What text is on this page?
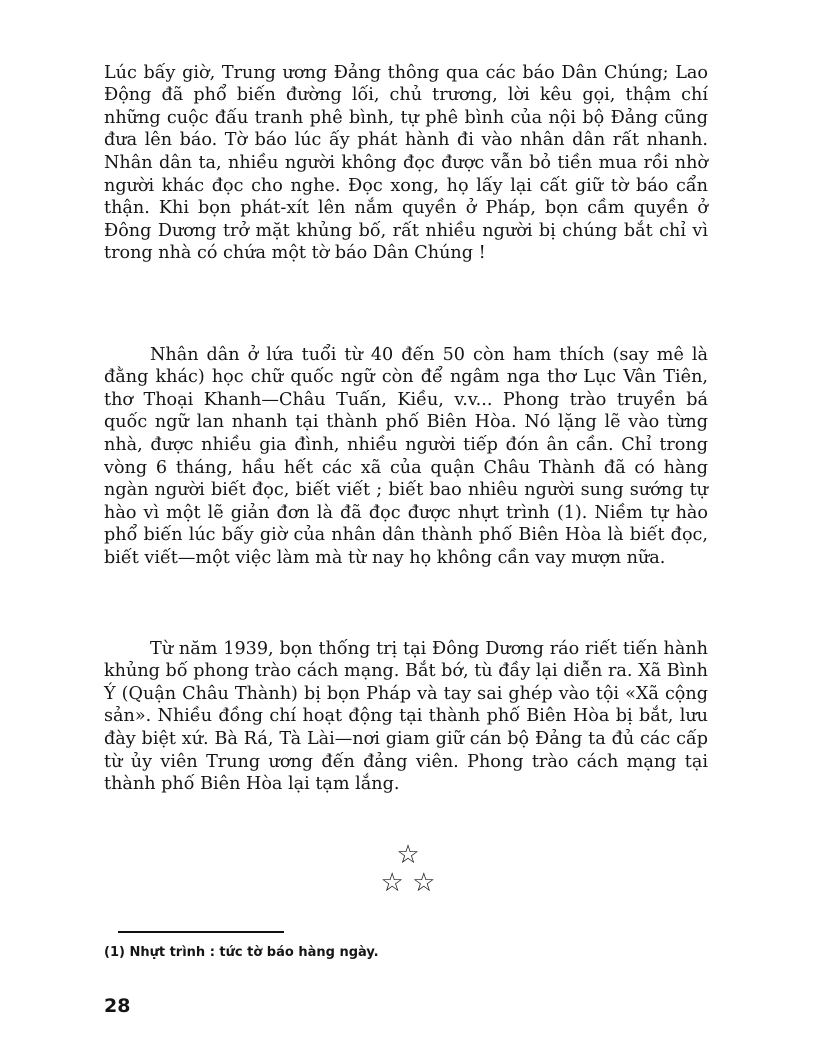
Lúc bấy giờ, Trung ương Đảng thông qua các báo Dân Chúng; Lao Động đã phổ biến đường lối, chủ trương, lời kêu gọi, thậm chí những cuộc đấu tranh phê bình, tự phê bình của nội bộ Đảng cũng đưa lên báo. Tờ báo lúc ấy phát hành đi vào nhân dân rất nhanh. Nhân dân ta, nhiều người không đọc được vẫn bỏ tiền mua rồi nhờ người khác đọc cho nghe. Đọc xong, họ lấy lại cất giữ tờ báo cẩn thận. Khi bọn phát-xít lên nắm quyền ở Pháp, bọn cầm quyền ở Đông Dương trở mặt khủng bố, rất nhiều người bị chúng bắt chỉ vì trong nhà có chứa một tờ báo Dân Chúng !

Nhân dân ở lứa tuổi từ 40 đến 50 còn ham thích (say mê là đằng khác) học chữ quốc ngữ còn để ngâm nga thơ Lục Vân Tiên, thơ Thoại Khanh—Châu Tuấn, Kiều, v.v... Phong trào truyền bá quốc ngữ lan nhanh tại thành phố Biên Hòa. Nó lặng lẽ vào từng nhà, được nhiều gia đình, nhiều người tiếp đón ân cần. Chỉ trong vòng 6 tháng, hầu hết các xã của quận Châu Thành đã có hàng ngàn người biết đọc, biết viết ; biết bao nhiêu người sung sướng tự hào vì một lẽ giản đơn là đã đọc được nhựt trình (1). Niềm tự hào phổ biến lúc bấy giờ của nhân dân thành phố Biên Hòa là biết đọc, biết viết—một việc làm mà từ nay họ không cần vay mượn nữa.

Từ năm 1939, bọn thống trị tại Đông Dương ráo riết tiến hành khủng bố phong trào cách mạng. Bắt bớ, tù đầy lại diễn ra. Xã Bình Ý (Quận Châu Thành) bị bọn Pháp và tay sai ghép vào tội «Xã cộng sản». Nhiều đồng chí hoạt động tại thành phố Biên Hòa bị bắt, lưu đày biệt xứ. Bà Rá, Tà Lài—nơi giam giữ cán bộ Đảng ta đủ các cấp từ ủy viên Trung ương đến đảng viên. Phong trào cách mạng tại thành phố Biên Hòa lại tạm lắng.

☆
☆ ☆
(1) Nhựt trình : tức tờ báo hàng ngày.
28
